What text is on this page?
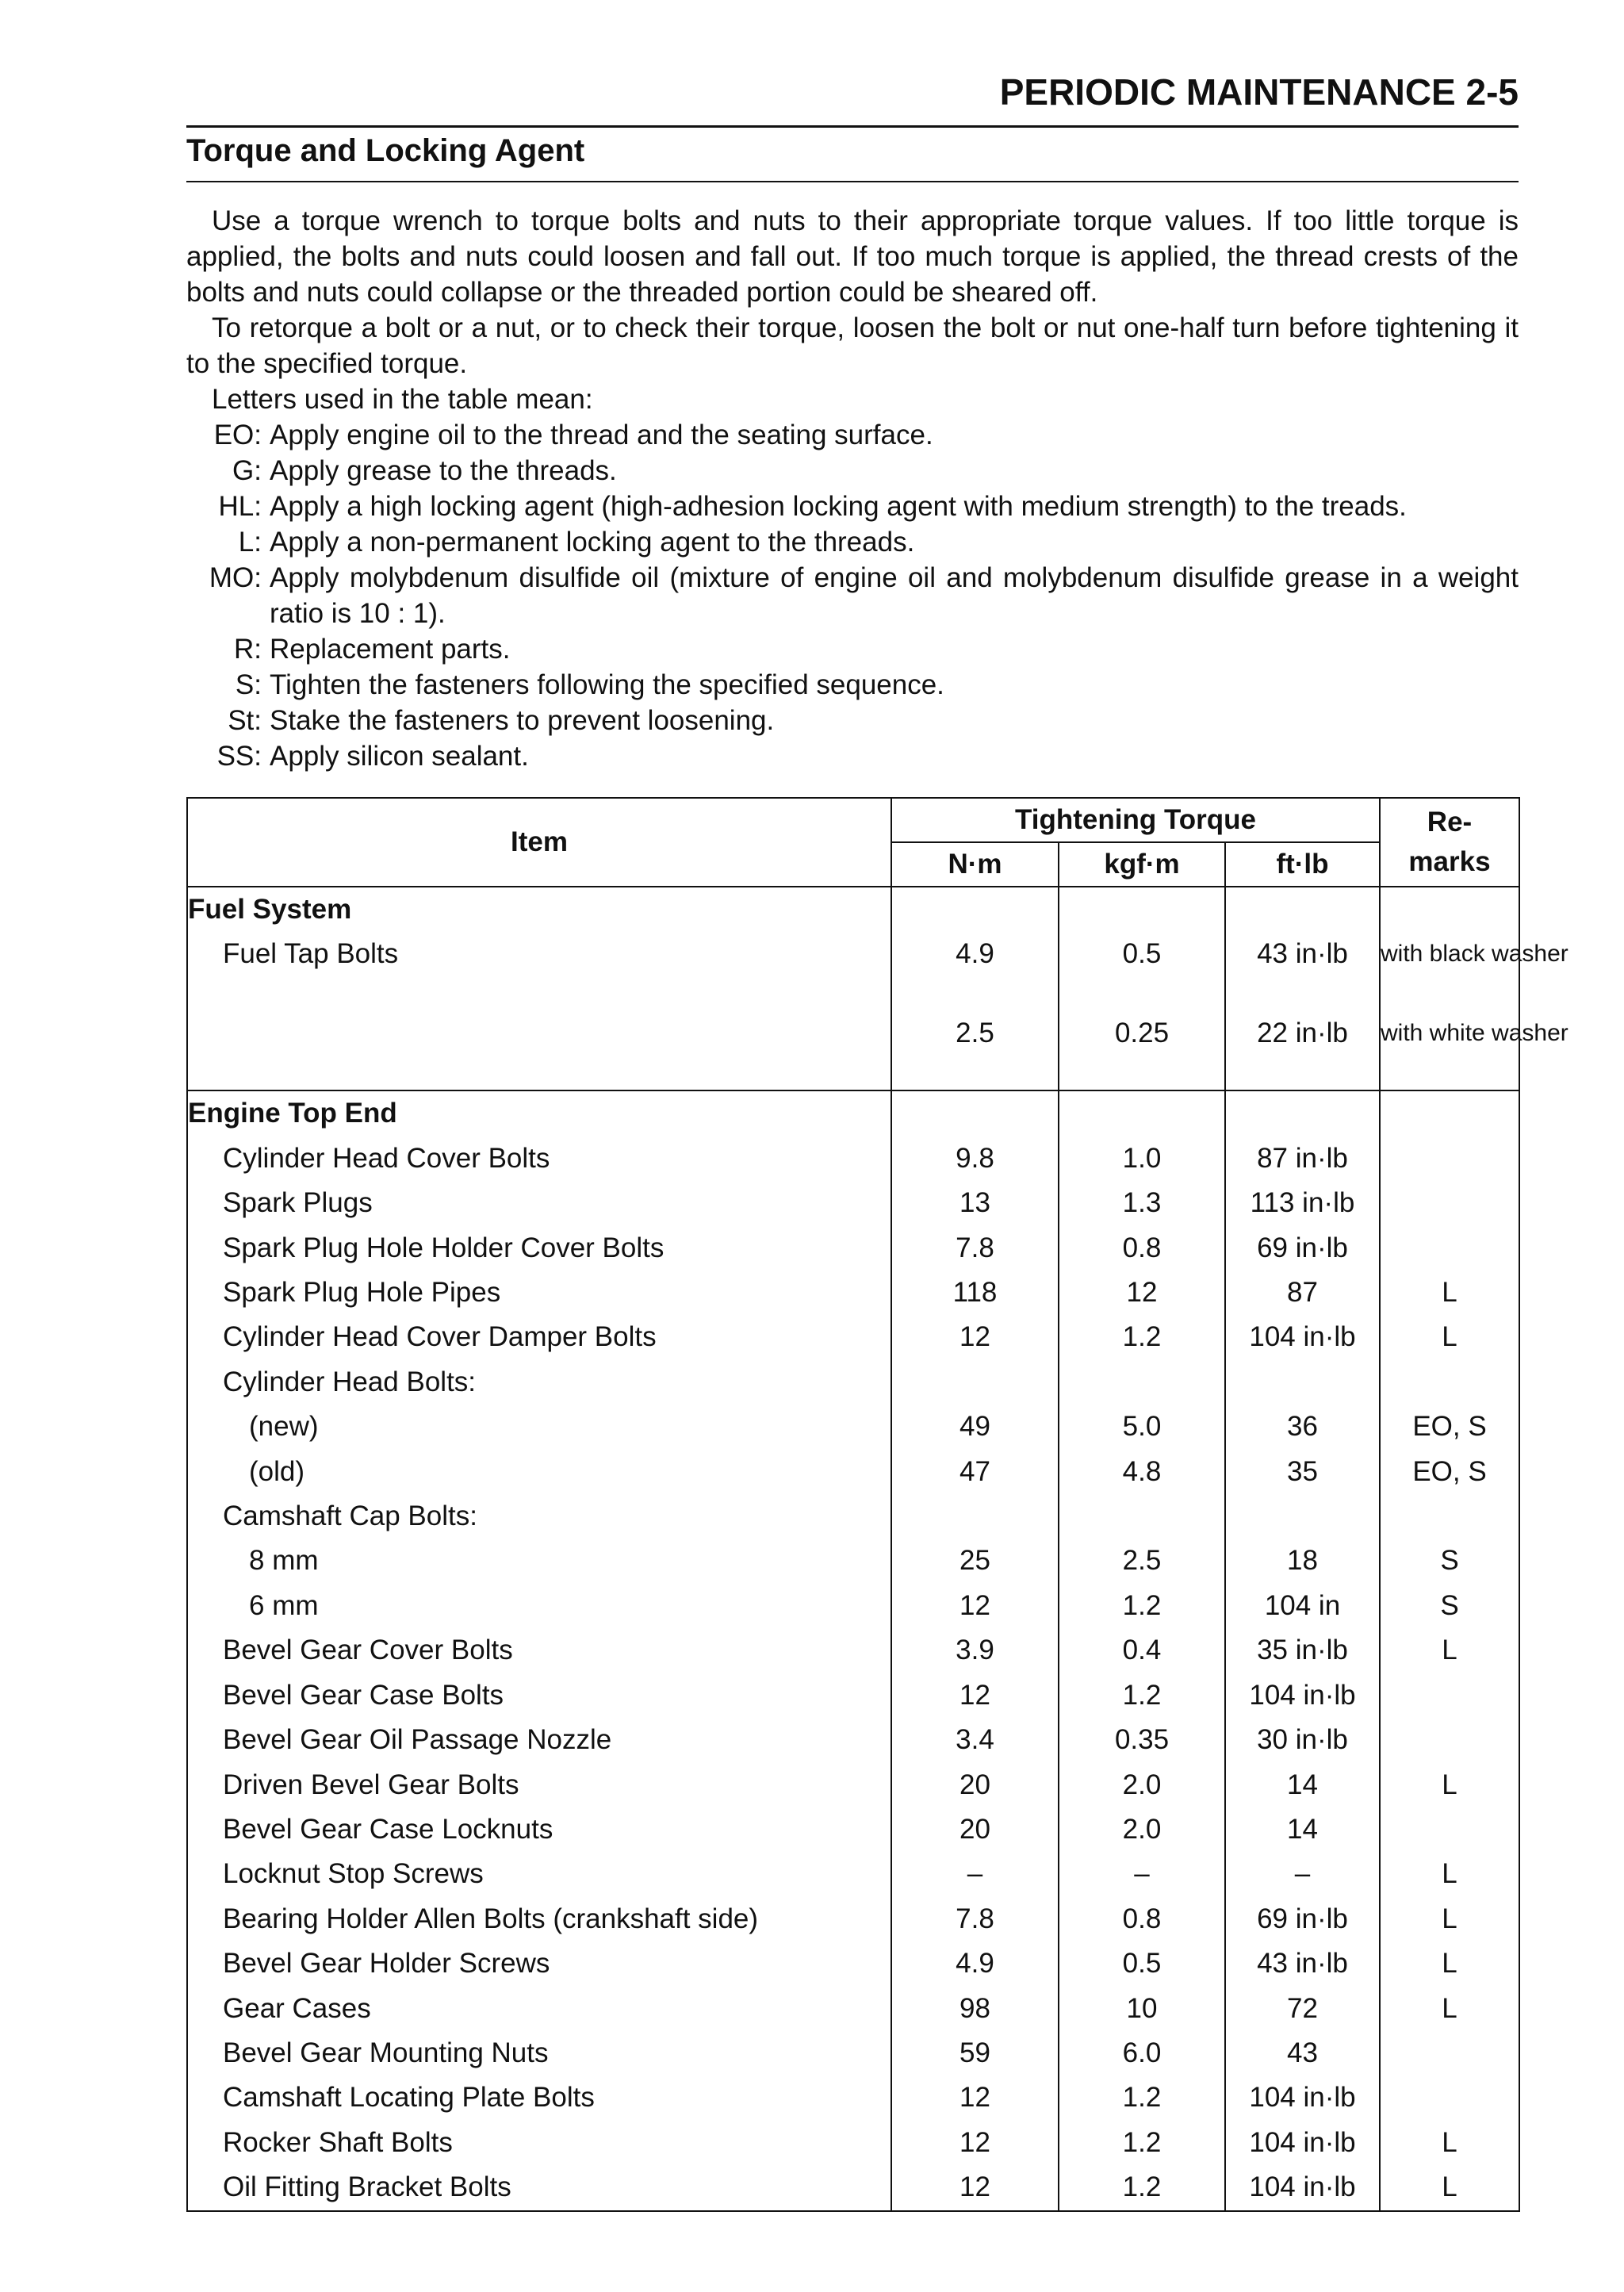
PERIODIC MAINTENANCE 2-5
Torque and Locking Agent

Use a torque wrench to torque bolts and nuts to their appropriate torque values. If too little torque is applied, the bolts and nuts could loosen and fall out. If too much torque is applied, the thread crests of the bolts and nuts could collapse or the threaded portion could be sheared off.

To retorque a bolt or a nut, or to check their torque, loosen the bolt or nut one-half turn before tightening it to the specified torque.

Letters used in the table mean:

EO: Apply engine oil to the thread and the seating surface.
G: Apply grease to the threads.
HL: Apply a high locking agent (high-adhesion locking agent with medium strength) to the treads.
L: Apply a non-permanent locking agent to the threads.
MO: Apply molybdenum disulfide oil (mixture of engine oil and molybdenum disulfide grease in a weight ratio is 10 : 1).
R: Replacement parts.
S: Tighten the fasteners following the specified sequence.
St: Stake the fasteners to prevent loosening.
SS: Apply silicon sealant.
Item	Tightening Torque			Re- marks
	N·m	kgf·m	ft·lb	
Fuel System				
Fuel Tap Bolts	4.9	0.5	43 in·lb	with black washer
	2.5	0.25	22 in·lb	with white washer
Engine Top End				
Cylinder Head Cover Bolts	9.8	1.0	87 in·lb	
Spark Plugs	13	1.3	113 in·lb	
Spark Plug Hole Holder Cover Bolts	7.8	0.8	69 in·lb	
Spark Plug Hole Pipes	118	12	87	L
Cylinder Head Cover Damper Bolts	12	1.2	104 in·lb	L
Cylinder Head Bolts:				
(new)	49	5.0	36	EO, S
(old)	47	4.8	35	EO, S
Camshaft Cap Bolts:				
8 mm	25	2.5	18	S
6 mm	12	1.2	104 in	S
Bevel Gear Cover Bolts	3.9	0.4	35 in·lb	L
Bevel Gear Case Bolts	12	1.2	104 in·lb	
Bevel Gear Oil Passage Nozzle	3.4	0.35	30 in·lb	
Driven Bevel Gear Bolts	20	2.0	14	L
Bevel Gear Case Locknuts	20	2.0	14	
Locknut Stop Screws	–	–	–	L
Bearing Holder Allen Bolts (crankshaft side)	7.8	0.8	69 in·lb	L
Bevel Gear Holder Screws	4.9	0.5	43 in·lb	L
Gear Cases	98	10	72	L
Bevel Gear Mounting Nuts	59	6.0	43	
Camshaft Locating Plate Bolts	12	1.2	104 in·lb	
Rocker Shaft Bolts	12	1.2	104 in·lb	L
Oil Fitting Bracket Bolts	12	1.2	104 in·lb	L
